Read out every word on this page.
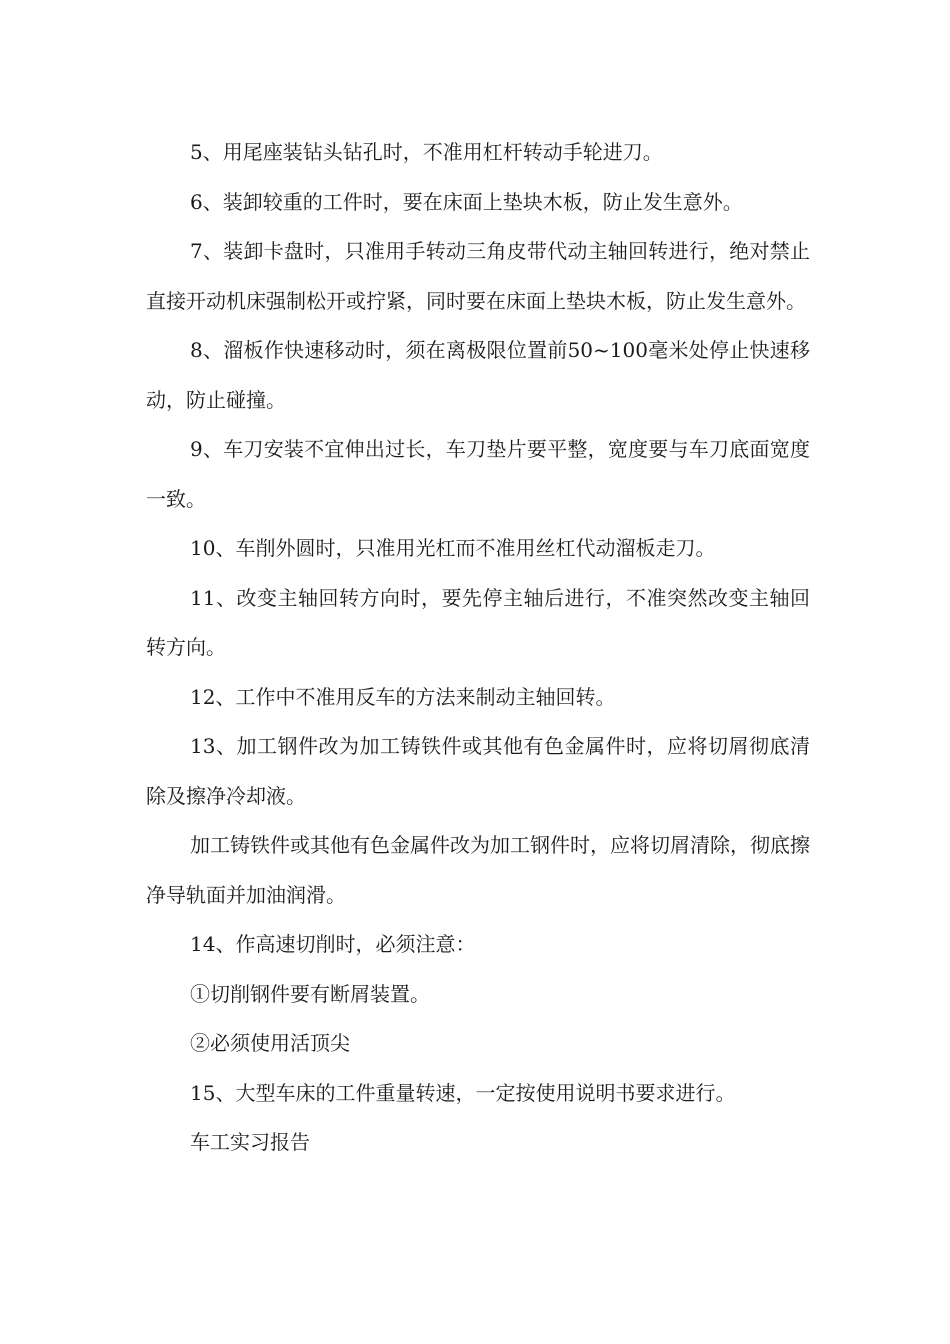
5、用尾座装钻头钻孔时，不准用杠杆转动手轮进刀。

6、装卸较重的工件时，要在床面上垫块木板，防止发生意外。

7、装卸卡盘时，只准用手转动三角皮带代动主轴回转进行，绝对禁止直接开动机床强制松开或拧紧，同时要在床面上垫块木板，防止发生意外。

8、溜板作快速移动时，须在离极限位置前50~100毫米处停止快速移动，防止碰撞。

9、车刀安装不宜伸出过长，车刀垫片要平整，宽度要与车刀底面宽度一致。

10、车削外圆时，只准用光杠而不准用丝杠代动溜板走刀。

11、改变主轴回转方向时，要先停主轴后进行，不准突然改变主轴回转方向。

12、工作中不准用反车的方法来制动主轴回转。

13、加工钢件改为加工铸铁件或其他有色金属件时，应将切屑彻底清除及擦净冷却液。

加工铸铁件或其他有色金属件改为加工钢件时，应将切屑清除，彻底擦净导轨面并加油润滑。

14、作高速切削时，必须注意：

①切削钢件要有断屑装置。

②必须使用活顶尖

15、大型车床的工件重量转速，一定按使用说明书要求进行。

车工实习报告
